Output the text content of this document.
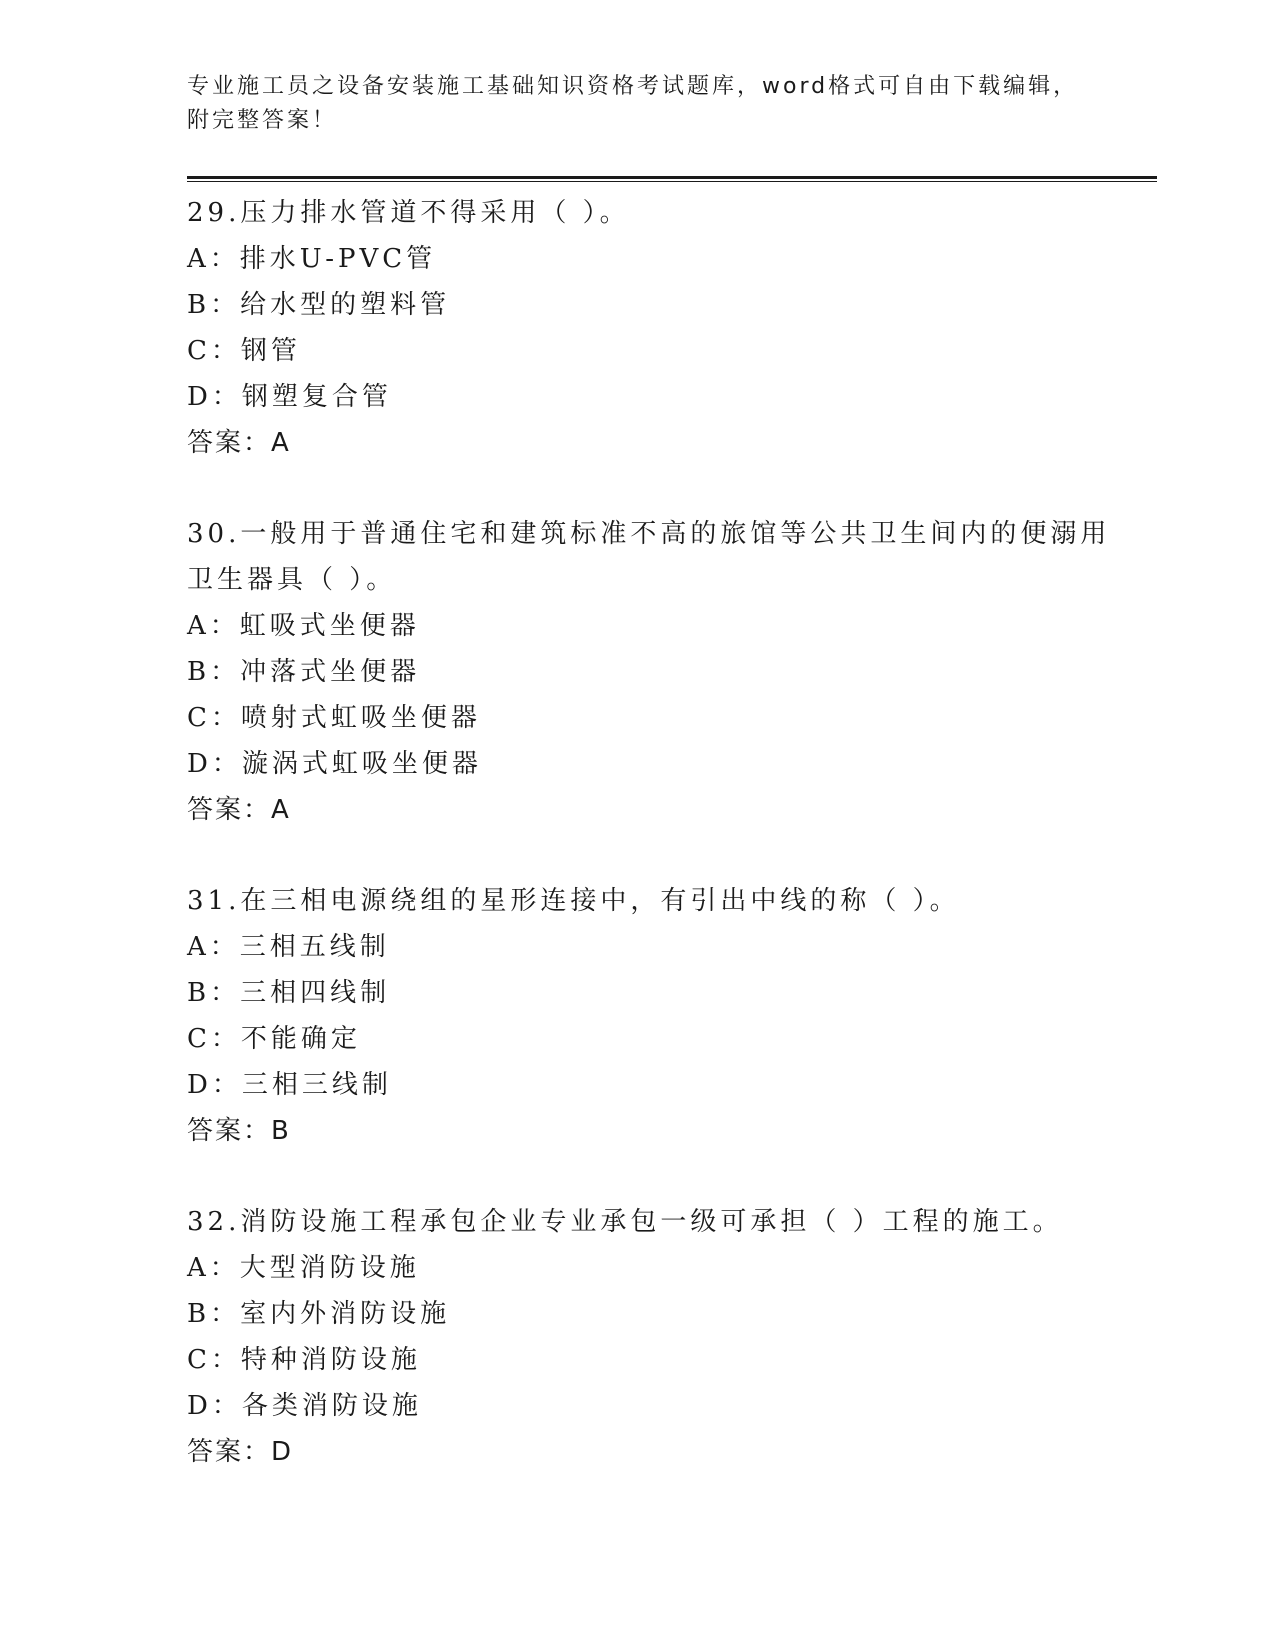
专业施工员之设备安装施工基础知识资格考试题库，word格式可自由下载编辑，

附完整答案！

29.压力排水管道不得采用（ ）。

A：排水U-PVC管

B：给水型的塑料管

C：钢管

D：钢塑复合管

答案：A

30.一般用于普通住宅和建筑标准不高的旅馆等公共卫生间内的便溺用

卫生器具（ ）。

A：虹吸式坐便器

B：冲落式坐便器

C：喷射式虹吸坐便器

D：漩涡式虹吸坐便器

答案：A

31.在三相电源绕组的星形连接中，有引出中线的称（ ）。

A：三相五线制

B：三相四线制

C：不能确定

D：三相三线制

答案：B

32.消防设施工程承包企业专业承包一级可承担（ ）工程的施工。

A：大型消防设施

B：室内外消防设施

C：特种消防设施

D：各类消防设施

答案：D
